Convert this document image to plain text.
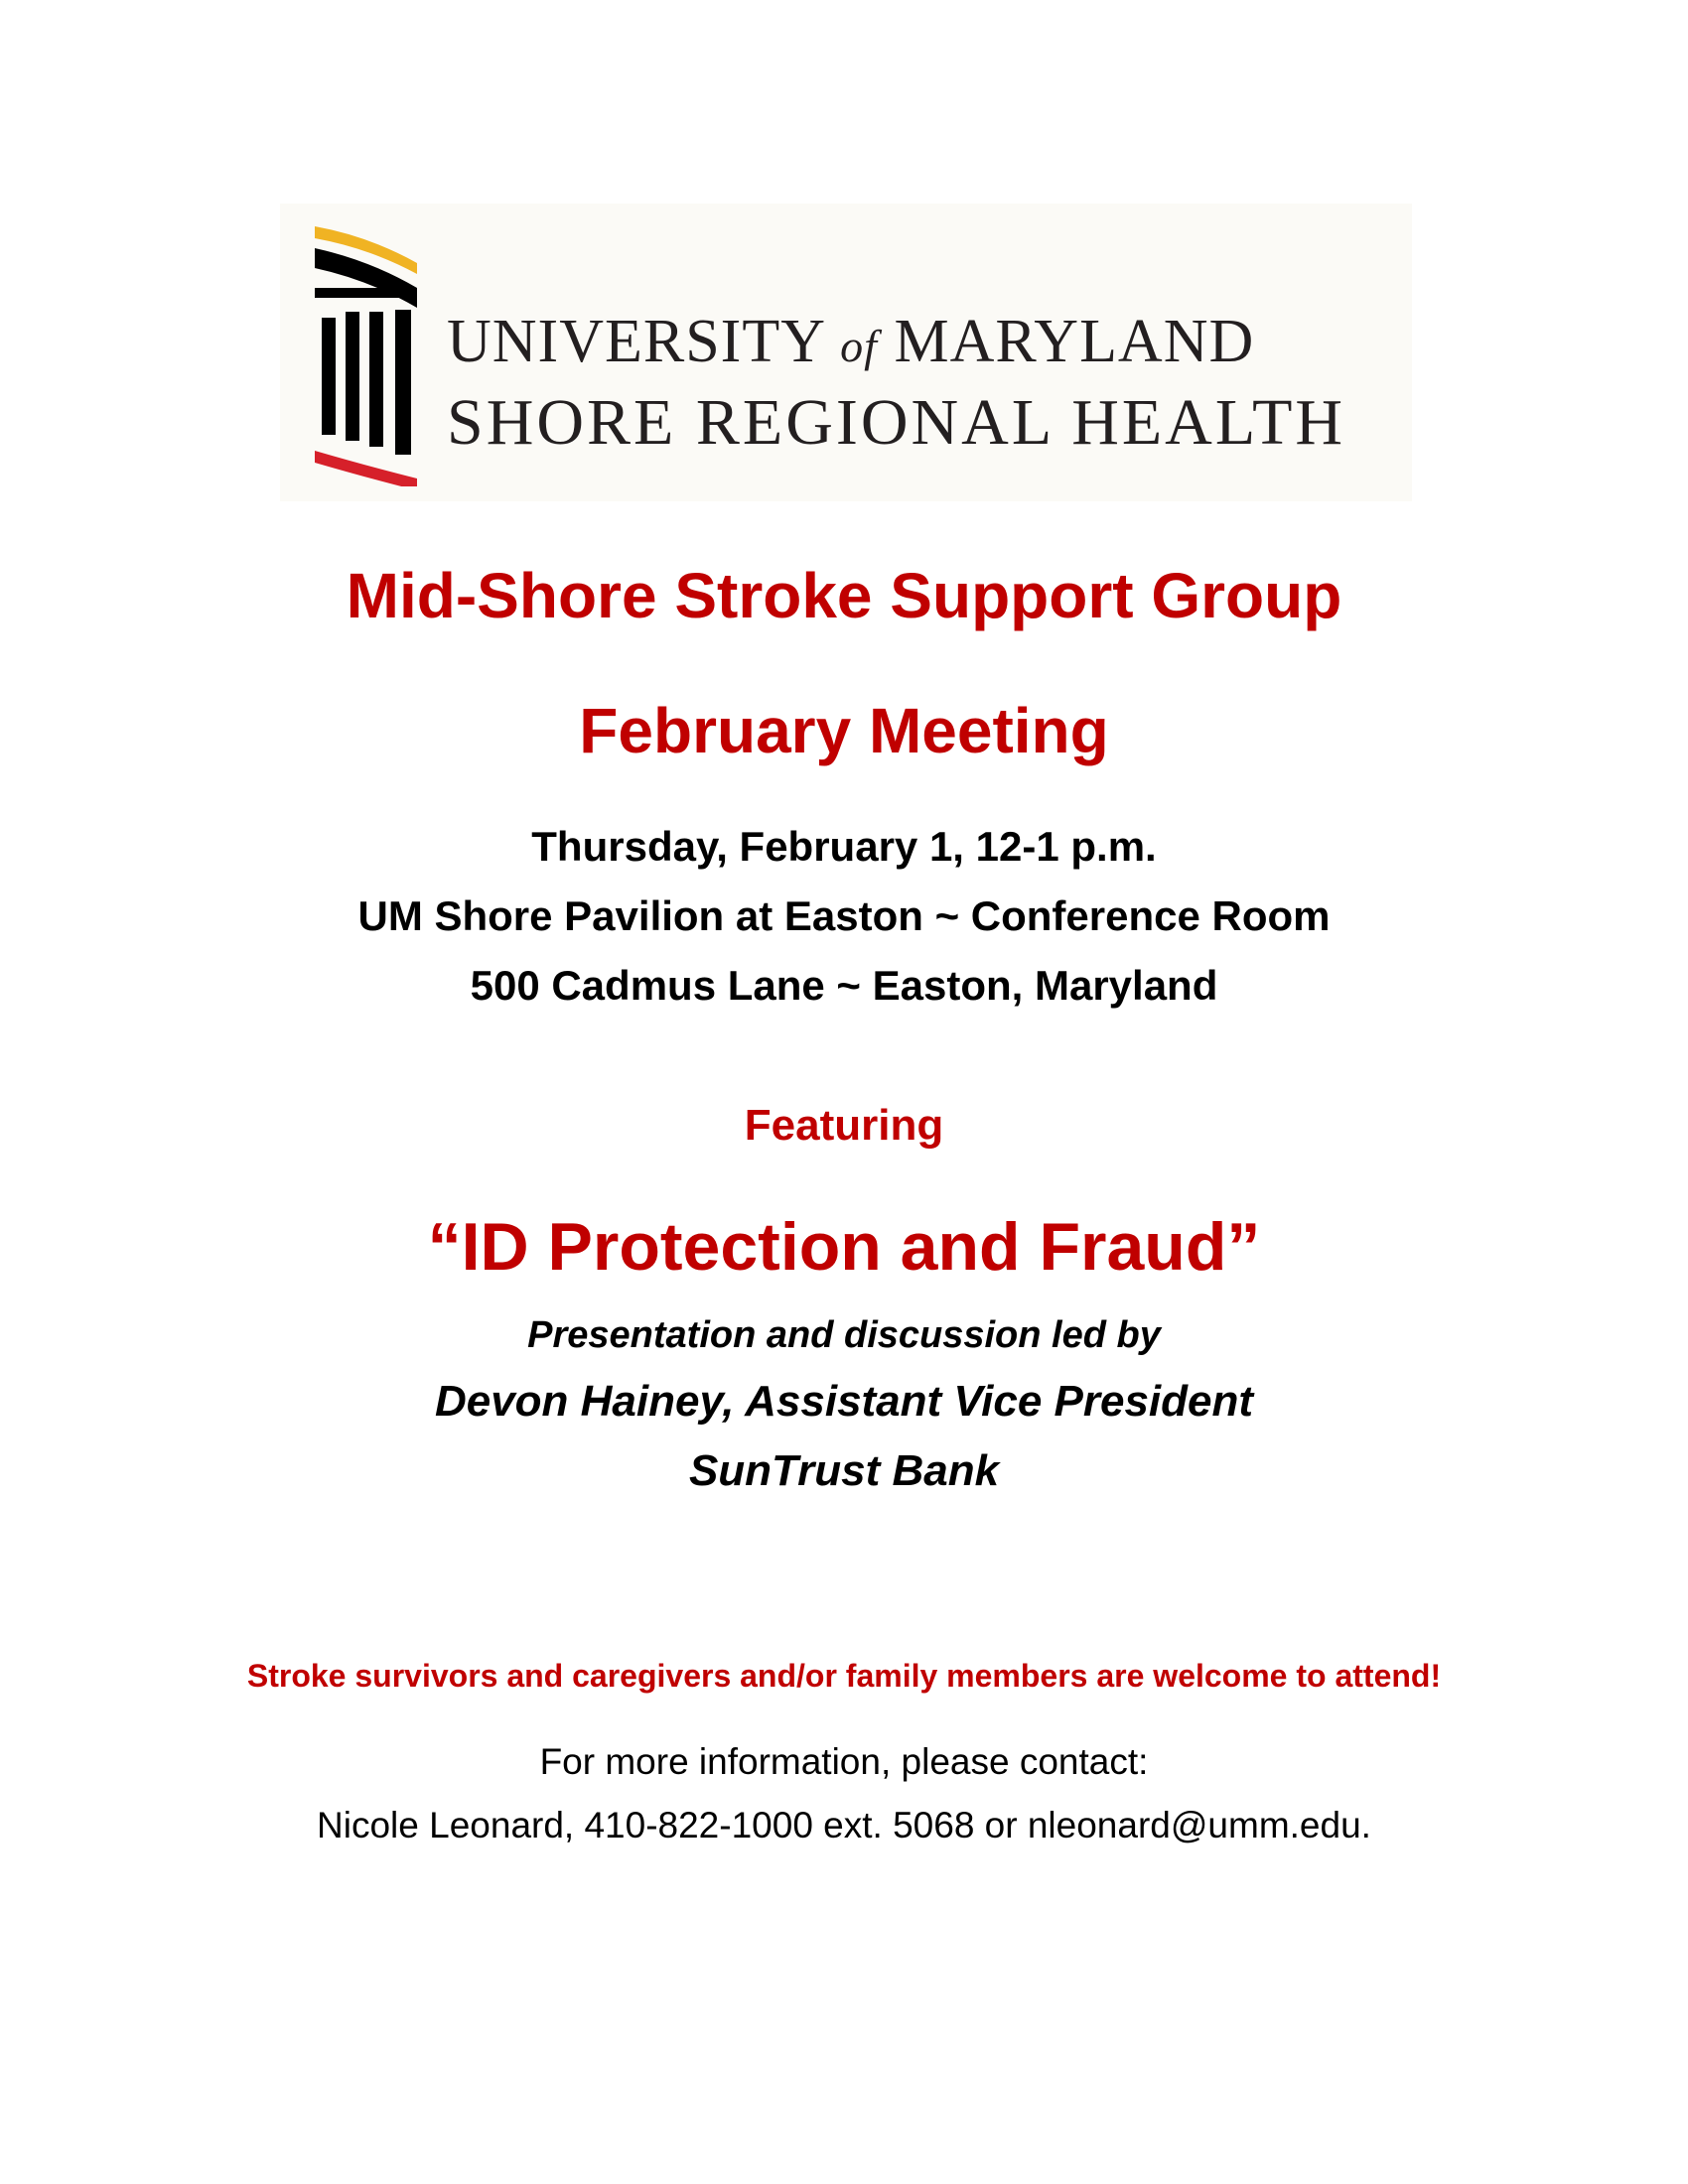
UNIVERSITY of MARYLAND
SHORE REGIONAL HEALTH
Mid-Shore Stroke Support Group
February Meeting
Thursday, February 1, 12-1 p.m.
UM Shore Pavilion at Easton ~ Conference Room
500 Cadmus Lane ~ Easton, Maryland
Featuring
“ID Protection and Fraud”
Presentation and discussion led by
Devon Hainey, Assistant Vice President
SunTrust Bank
Stroke survivors and caregivers and/or family members are welcome to attend!
For more information, please contact:
Nicole Leonard, 410-822-1000 ext. 5068 or nleonard@umm.edu.
